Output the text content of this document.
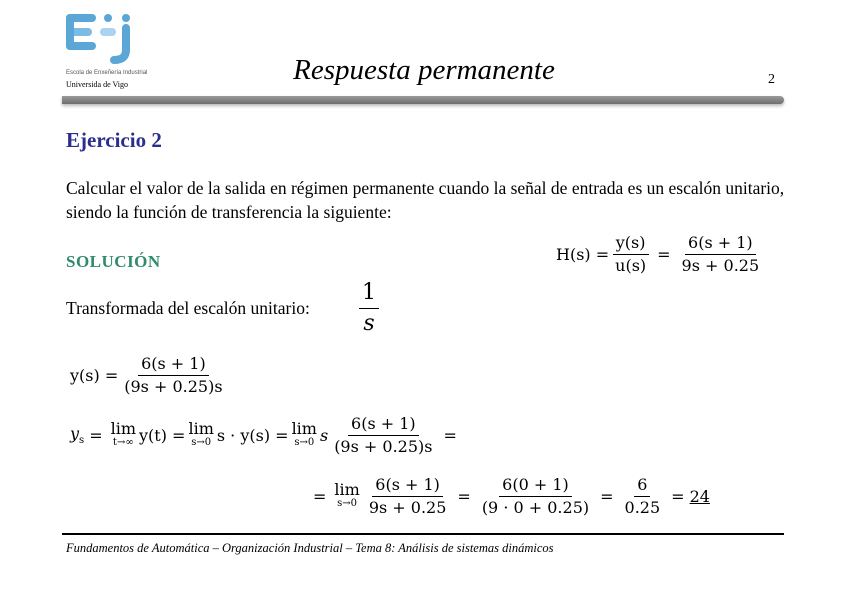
Escola de Enxeñería Industrial
Universida de Vigo	Respuesta permanente	2
Ejercicio 2
Calcular el valor de la salida en régimen permanente cuando la señal de entrada es un escalón unitario, siendo la función de transferencia la siguiente:
$H(s) = \frac{y(s)}{u(s)} = \frac{6(s + 1)}{9s + 0.25}$
SOLUCIÓN
Transformada del escalón unitario: $\frac{1}{s}$
$y(s) = \frac{6(s + 1)}{(9s + 0.25)s}$
$y_s = \lim$
t→∞ y(t) = lim
s→0 s · y(s) = lim
s→0 s $\frac{6(s + 1)}{(9s + 0.25)s}$ =
= lim
$s\to 0 \frac{6(s + 1)}{9s + 0.25} = \frac{6(0 + 1)}{(9 \cdot 0 + 0.25)} = \frac{6}{0.25} = 24$
Fundamentos de Automática – Organización Industrial – Tema 8: Análisis de sistemas dinámicos
